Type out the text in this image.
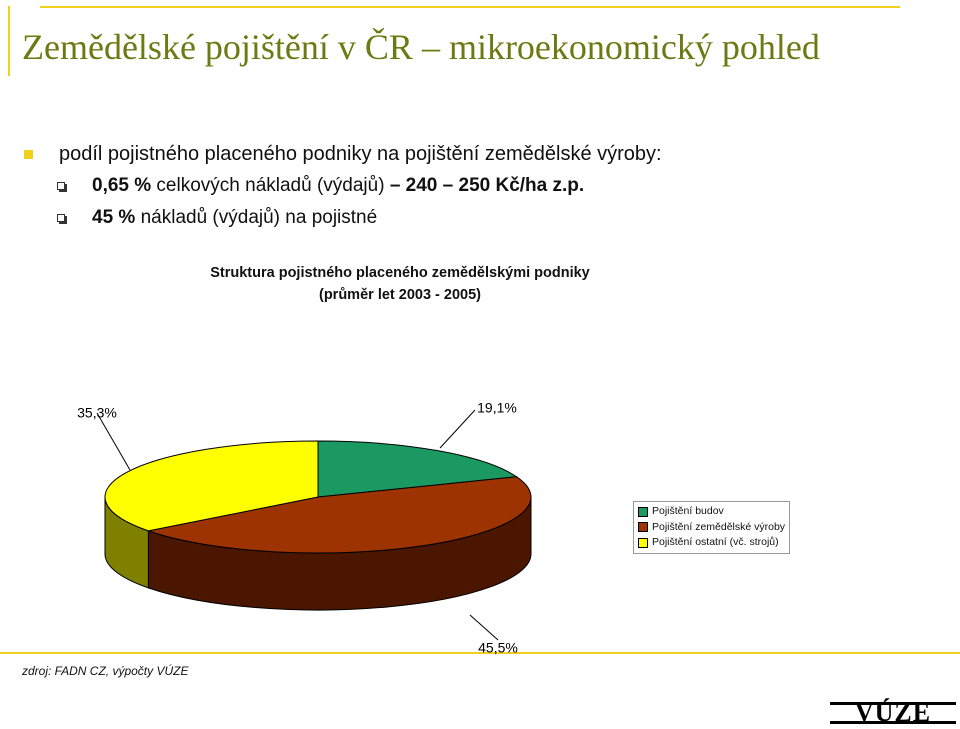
Zemědělské pojištění v ČR – mikroekonomický pohled
podíl pojistného placeného podniky na pojištění zemědělské výroby:
0,65 % celkových nákladů (výdajů) – 240 – 250 Kč/ha z.p.
45 % nákladů (výdajů) na pojistné
Struktura pojistného placeného zemědělskými podniky
(průměr let 2003 - 2005)
19,1%
45,5%
35,3%
Pojištění budov
Pojištění zemědělské výroby
Pojištění ostatní (vč. strojů)
zdroj: FADN CZ, výpočty VÚZE
VÚZE
